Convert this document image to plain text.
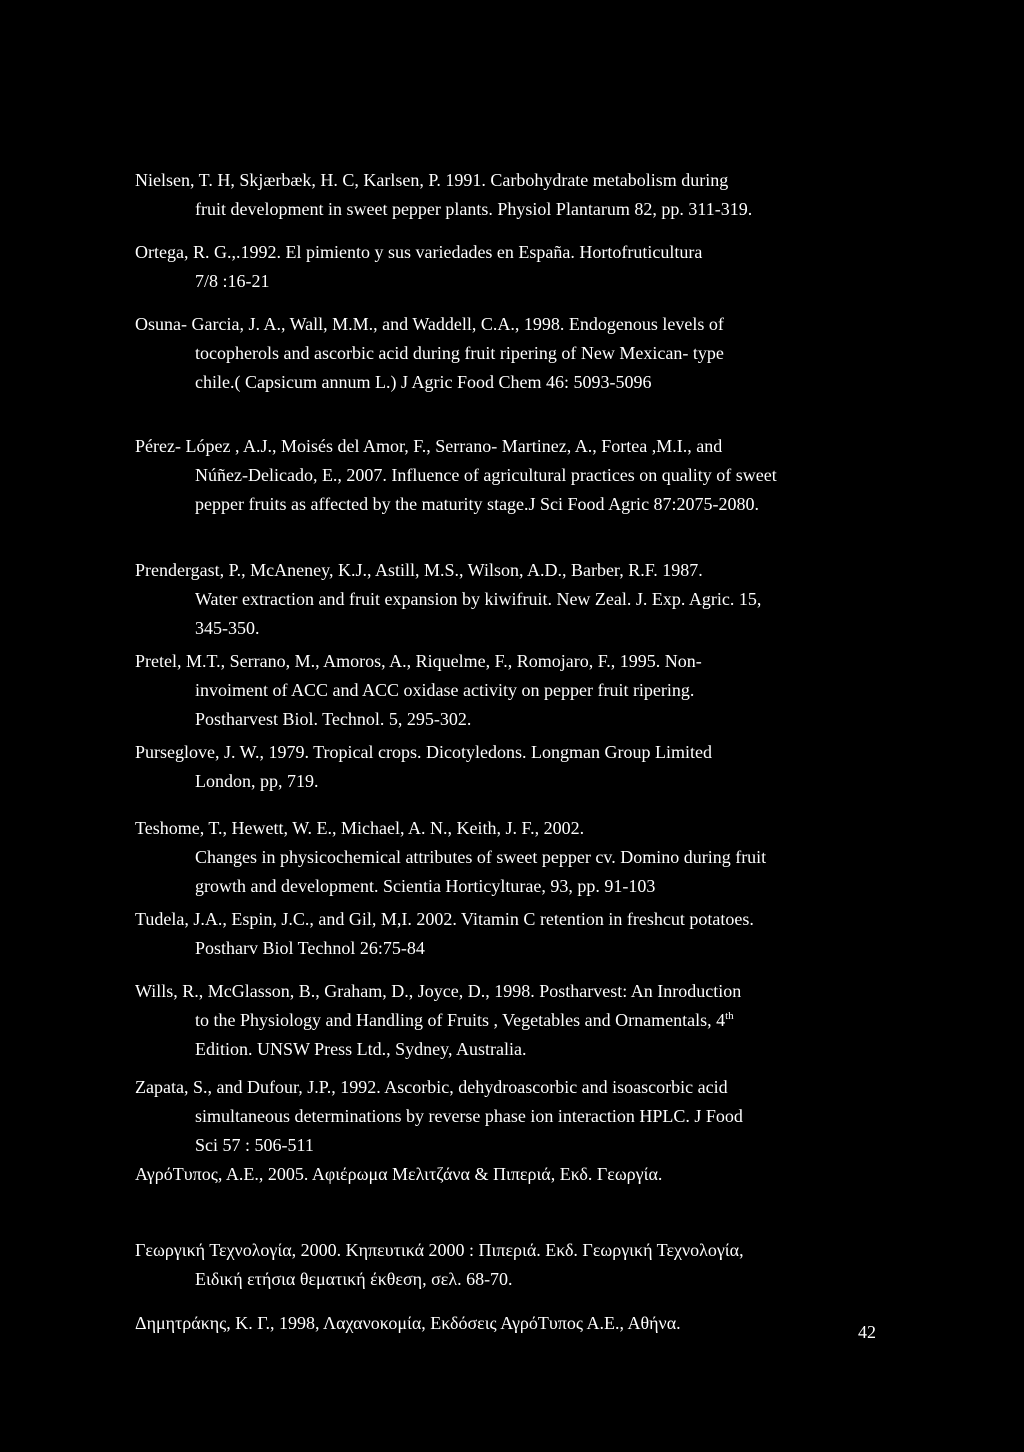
Nielsen, T. H, Skjærbæk, H. C, Karlsen, P. 1991. Carbohydrate metabolism during
fruit development in sweet pepper plants. Physiol Plantarum 82, pp. 311-319.
Ortega, R. G.,.1992. El pimiento y sus variedades en España. Hortofruticultura
7/8 :16-21
Osuna- Garcia, J. A., Wall, M.M., and Waddell, C.A., 1998. Endogenous levels of
tocopherols and ascorbic acid during fruit ripering of New Mexican- type
chile.( Capsicum annum L.) J Agric Food Chem 46: 5093-5096
Pérez- López , A.J., Moisés del Amor, F., Serrano- Martinez, A., Fortea ,M.I., and
Núñez-Delicado, E., 2007. Influence of agricultural practices on quality of sweet
pepper fruits as affected by the maturity stage.J Sci Food Agric 87:2075-2080.
Prendergast, P., McAneney, K.J., Astill, M.S., Wilson, A.D., Barber, R.F. 1987.
Water extraction and fruit expansion by kiwifruit. New Zeal. J. Exp. Agric. 15,
345-350.
Pretel, M.T., Serrano, M., Amoros, A., Riquelme, F., Romojaro, F., 1995. Non-
invoiment of ACC and ACC oxidase activity on pepper fruit ripering.
Postharvest Biol. Technol. 5, 295-302.
Purseglove, J. W., 1979. Tropical crops. Dicotyledons. Longman Group Limited
London, pp, 719.
Teshome, T., Hewett, W. E., Michael, A. N., Keith, J. F., 2002.
Changes in physicochemical attributes of sweet pepper cv. Domino during fruit
growth and development. Scientia Horticylturae, 93, pp. 91-103
Tudela, J.A., Espin, J.C., and Gil, M,I. 2002. Vitamin C retention in freshcut potatoes.
Postharv Biol Technol 26:75-84
Wills, R., McGlasson, B., Graham, D., Joyce, D., 1998. Postharvest: An Inroduction
to the Physiology and Handling of Fruits , Vegetables and Ornamentals, 4th
Edition. UNSW Press Ltd., Sydney, Australia.
Zapata, S., and Dufour, J.P., 1992. Ascorbic, dehydroascorbic and isoascorbic acid
simultaneous determinations by reverse phase ion interaction HPLC. J Food
Sci 57 : 506-511
ΑγρόΤυπος, Α.Ε., 2005. Αφιέρωμα Μελιτζάνα & Πιπεριά, Εκδ. Γεωργία.
Γεωργική Τεχνολογία, 2000. Κηπευτικά 2000 : Πιπεριά. Εκδ. Γεωργική Τεχνολογία,
Ειδική ετήσια θεματική έκθεση, σελ. 68-70.
Δημητράκης, Κ. Γ., 1998, Λαχανοκομία, Εκδόσεις ΑγρόΤυπος Α.Ε., Αθήνα.	42
